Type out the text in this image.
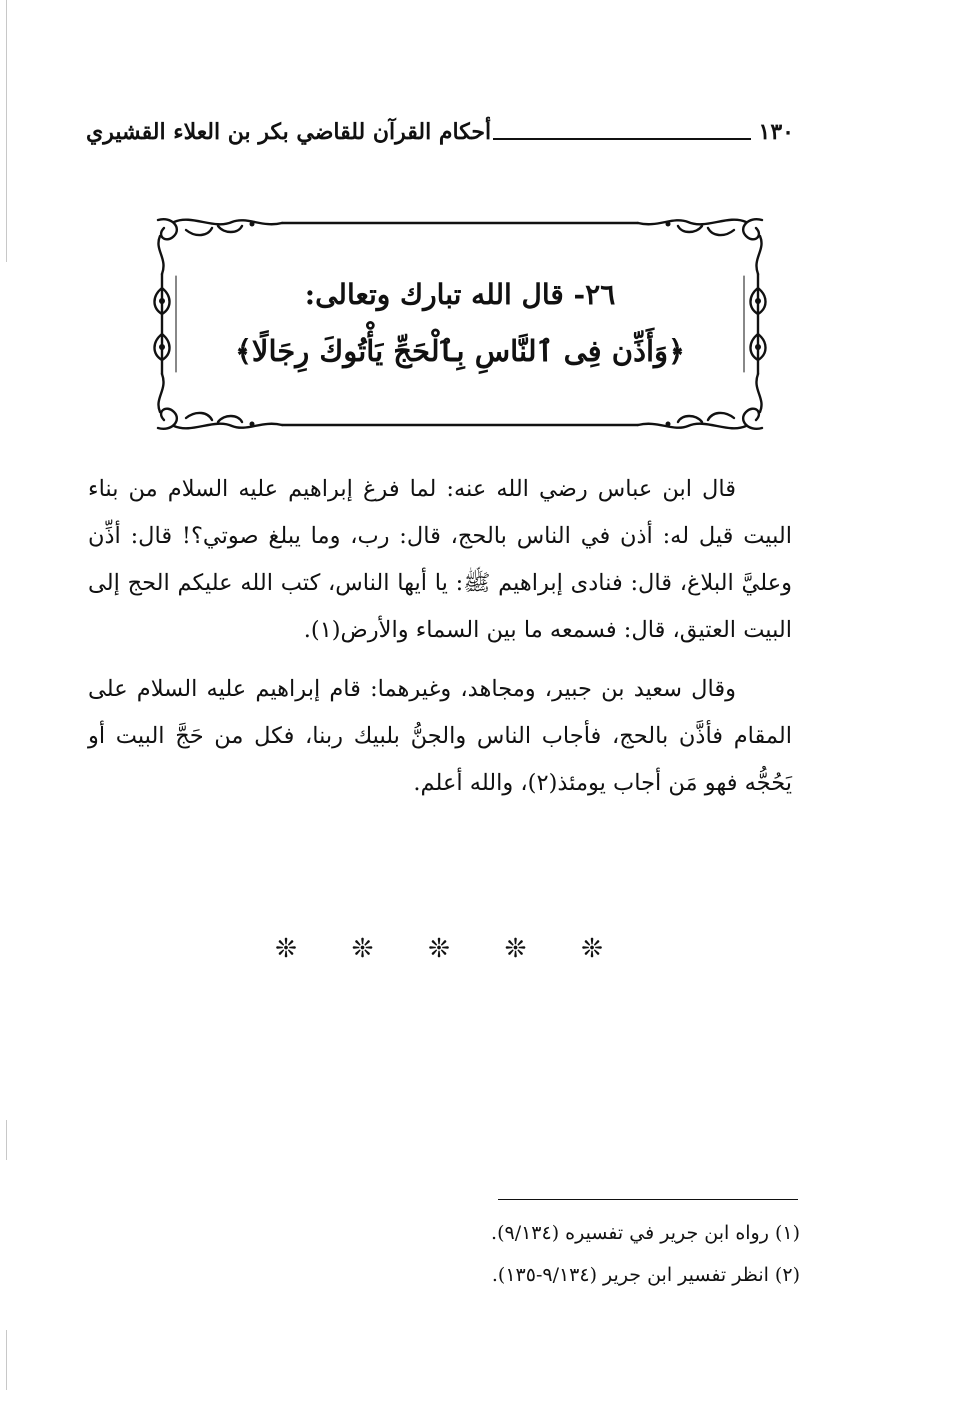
١٣٠
أحكام القرآن للقاضي بكر بن العلاء القشيري
٢٦- قال الله تبارك وتعالى:
﴿وَأَذِّن فِى ٱلنَّاسِ بِٱلْحَجِّ يَأْتُوكَ رِجَالًا﴾

قال ابن عباس رضي الله عنه: لما فرغ إبراهيم عليه السلام من بناء البيت قيل له: أذن في الناس بالحج، قال: رب، وما يبلغ صوتي؟! قال: أذِّن وعليَّ البلاغ، قال: فنادى إبراهيم ﷺ: يا أيها الناس، كتب الله عليكم الحج إلى البيت العتيق، قال: فسمعه ما بين السماء والأرض(١).

وقال سعيد بن جبير، ومجاهد، وغيرهما: قام إبراهيم عليه السلام على المقام فأذَّن بالحج، فأجاب الناس والجنُّ بلبيك ربنا، فكل من حَجَّ البيت أو يَحُجُّه فهو مَن أجاب يومئذ(٢)، والله أعلم.

❊ ❊ ❊ ❊ ❊
(١) رواه ابن جرير في تفسيره (٩/١٣٤).
(٢) انظر تفسير ابن جرير (٩/١٣٤-١٣٥).
